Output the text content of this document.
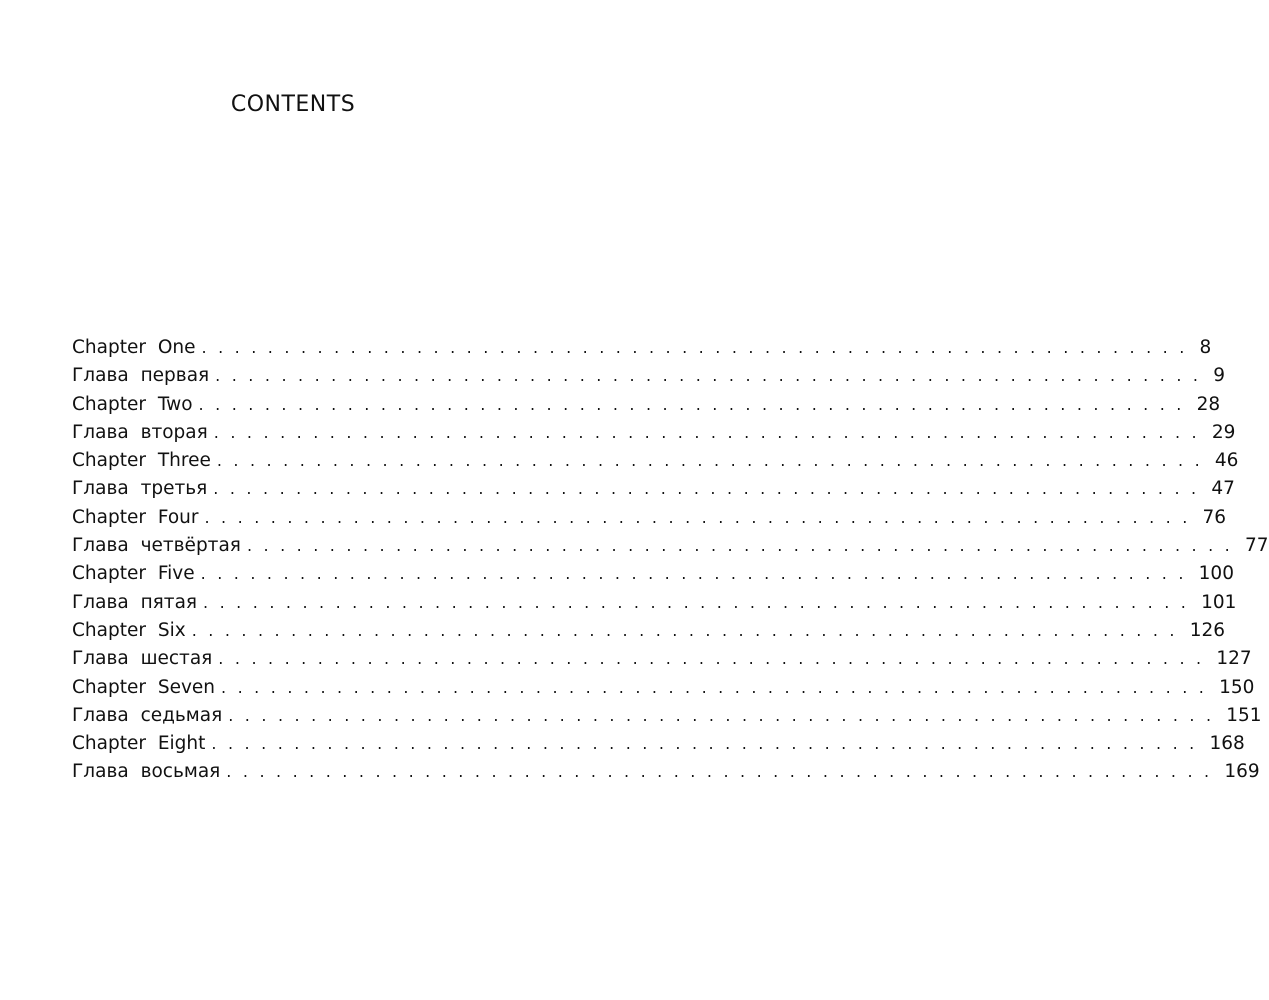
CONTENTS
Chapter One . . . . . . . . . . . . . . . . . . . . . . . . . . . . . . . . . . . . . . . . . . . . . . . . . . . . . . . . . . . . 8
Глава первая . . . . . . . . . . . . . . . . . . . . . . . . . . . . . . . . . . . . . . . . . . . . . . . . . . . . . . . . . . . . 9
Chapter Two . . . . . . . . . . . . . . . . . . . . . . . . . . . . . . . . . . . . . . . . . . . . . . . . . . . . . . . . . . . . 28
Глава вторая . . . . . . . . . . . . . . . . . . . . . . . . . . . . . . . . . . . . . . . . . . . . . . . . . . . . . . . . . . . . 29
Chapter Three . . . . . . . . . . . . . . . . . . . . . . . . . . . . . . . . . . . . . . . . . . . . . . . . . . . . . . . . . . . . 46
Глава третья . . . . . . . . . . . . . . . . . . . . . . . . . . . . . . . . . . . . . . . . . . . . . . . . . . . . . . . . . . . . 47
Chapter Four . . . . . . . . . . . . . . . . . . . . . . . . . . . . . . . . . . . . . . . . . . . . . . . . . . . . . . . . . . . . 76
Глава четвёртая . . . . . . . . . . . . . . . . . . . . . . . . . . . . . . . . . . . . . . . . . . . . . . . . . . . . . . . . . . . . 77
Chapter Five . . . . . . . . . . . . . . . . . . . . . . . . . . . . . . . . . . . . . . . . . . . . . . . . . . . . . . . . . . . . 100
Глава пятая . . . . . . . . . . . . . . . . . . . . . . . . . . . . . . . . . . . . . . . . . . . . . . . . . . . . . . . . . . . . 101
Chapter Six . . . . . . . . . . . . . . . . . . . . . . . . . . . . . . . . . . . . . . . . . . . . . . . . . . . . . . . . . . . . 126
Глава шестая . . . . . . . . . . . . . . . . . . . . . . . . . . . . . . . . . . . . . . . . . . . . . . . . . . . . . . . . . . . . 127
Chapter Seven . . . . . . . . . . . . . . . . . . . . . . . . . . . . . . . . . . . . . . . . . . . . . . . . . . . . . . . . . . . . 150
Глава седьмая . . . . . . . . . . . . . . . . . . . . . . . . . . . . . . . . . . . . . . . . . . . . . . . . . . . . . . . . . . . . 151
Chapter Eight . . . . . . . . . . . . . . . . . . . . . . . . . . . . . . . . . . . . . . . . . . . . . . . . . . . . . . . . . . . . 168
Глава восьмая . . . . . . . . . . . . . . . . . . . . . . . . . . . . . . . . . . . . . . . . . . . . . . . . . . . . . . . . . . . . 169
